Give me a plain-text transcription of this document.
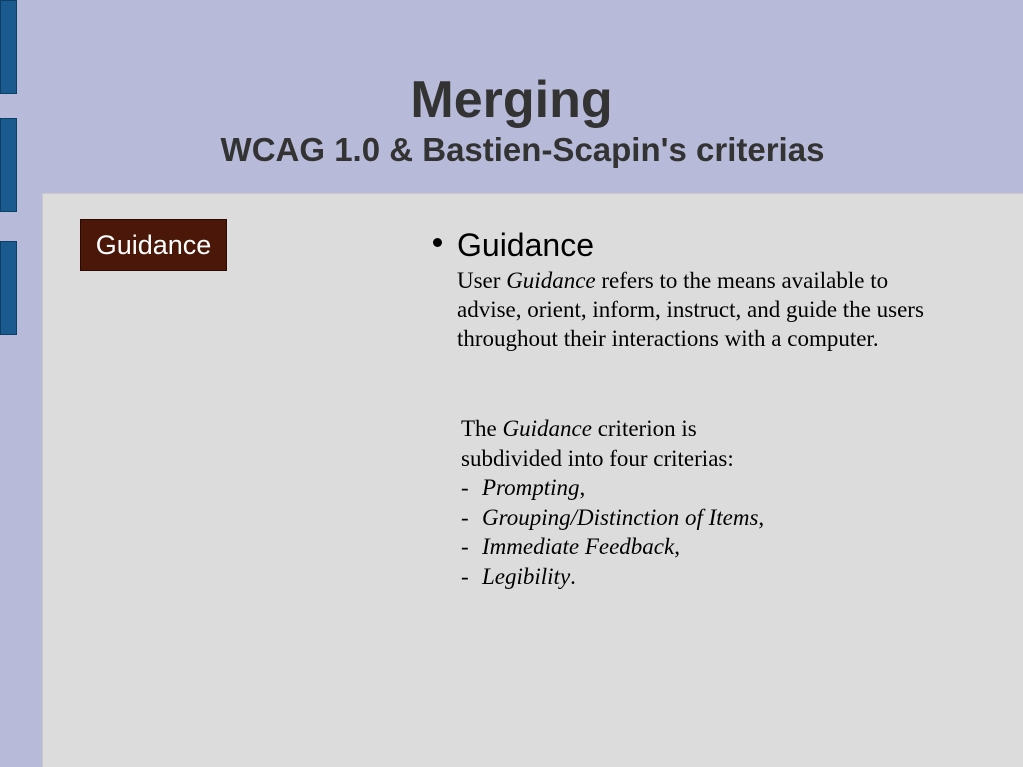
Merging
WCAG 1.0 & Bastien-Scapin's criterias
Guidance	Guidance
User Guidance refers to the means available to advise, orient, inform, instruct, and guide the users throughout their interactions with a computer.
The Guidance criterion is
subdivided into four criterias:
- Prompting,
- Grouping/Distinction of Items,
- Immediate Feedback,
- Legibility.
